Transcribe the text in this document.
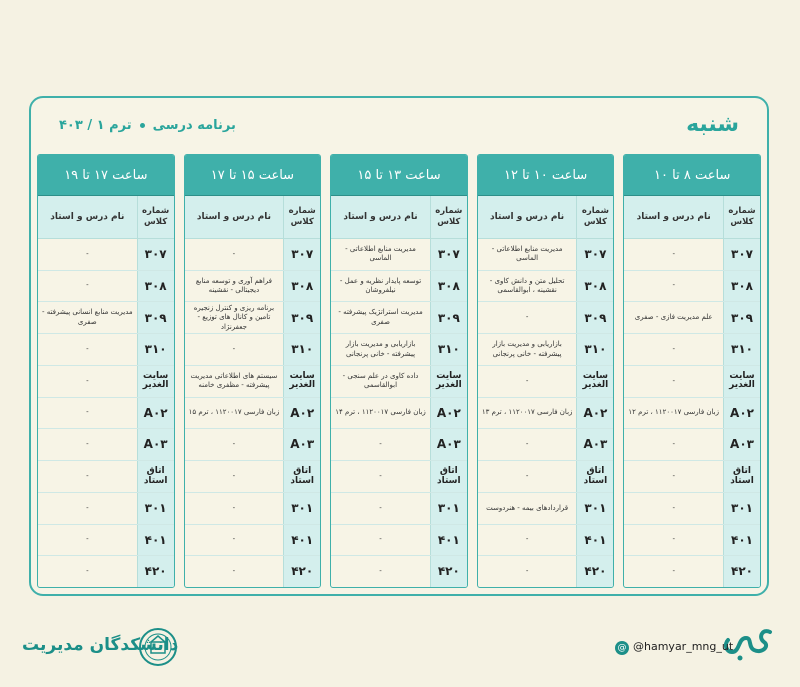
شنبه
برنامه درسیترم ۱ / ۴۰۳
ساعت ۸ تا ۱۰
شماره کلاس
نام درس و استاد
۳۰۷
-
۳۰۸
-
۳۰۹
علم مدیریت فازی - صفری
۳۱۰
-
سایت الغدیر
-
A۰۲
زبان فارسی ۱۱۲۰۰۱۷ ، ترم ۱۲
A۰۳
-
اتاق استاد
-
۳۰۱
-
۴۰۱
-
۴۲۰
-
ساعت ۱۰ تا ۱۲
شماره کلاس
نام درس و استاد
۳۰۷
مدیریت منابع اطلاعاتی - الماسی
۳۰۸
تحلیل متن و دانش کاوی - نقشینه ، ابوالقاسمی
۳۰۹
-
۳۱۰
بازاریابی و مدیریت بازار پیشرفته - خانی پرنجانی
سایت الغدیر
-
A۰۲
زبان فارسی ۱۱۲۰۰۱۷ ، ترم ۱۳
A۰۳
-
اتاق استاد
-
۳۰۱
قراردادهای بیمه - هنردوست
۴۰۱
-
۴۲۰
-
ساعت ۱۳ تا ۱۵
شماره کلاس
نام درس و استاد
۳۰۷
مدیریت منابع اطلاعاتی - الماسی
۳۰۸
توسعه پایدار نظریه و عمل - نیلفروشان
۳۰۹
مدیریت استراتژیک پیشرفته - صفری
۳۱۰
بازاریابی و مدیریت بازار پیشرفته - خانی پرنجانی
سایت الغدیر
داده کاوی در علم سنجی - ابوالقاسمی
A۰۲
زبان فارسی ۱۱۲۰۰۱۷ ، ترم ۱۴
A۰۳
-
اتاق استاد
-
۳۰۱
-
۴۰۱
-
۴۲۰
-
ساعت ۱۵ تا ۱۷
شماره کلاس
نام درس و استاد
۳۰۷
-
۳۰۸
فراهم آوری و توسعه منابع دیجیتالی - نقشینه
۳۰۹
برنامه ریزی و کنترل زنجیره تامین و کانال های توزیع - جعفرنژاد
۳۱۰
-
سایت الغدیر
سیستم های اطلاعاتی مدیریت پیشرفته - مظفری خامنه
A۰۲
زبان فارسی ۱۱۲۰۰۱۷ ، ترم ۱۵
A۰۳
-
اتاق استاد
-
۳۰۱
-
۴۰۱
-
۴۲۰
-
ساعت ۱۷ تا ۱۹
شماره کلاس
نام درس و استاد
۳۰۷
-
۳۰۸
-
۳۰۹
مدیریت منابع انسانی پیشرفته - صفری
۳۱۰
-
سایت الغدیر
-
A۰۲
-
A۰۳
-
اتاق استاد
-
۳۰۱
-
۴۰۱
-
۴۲۰
-
@ @hamyar_mng_ut
دانشکدگان مدیریت
